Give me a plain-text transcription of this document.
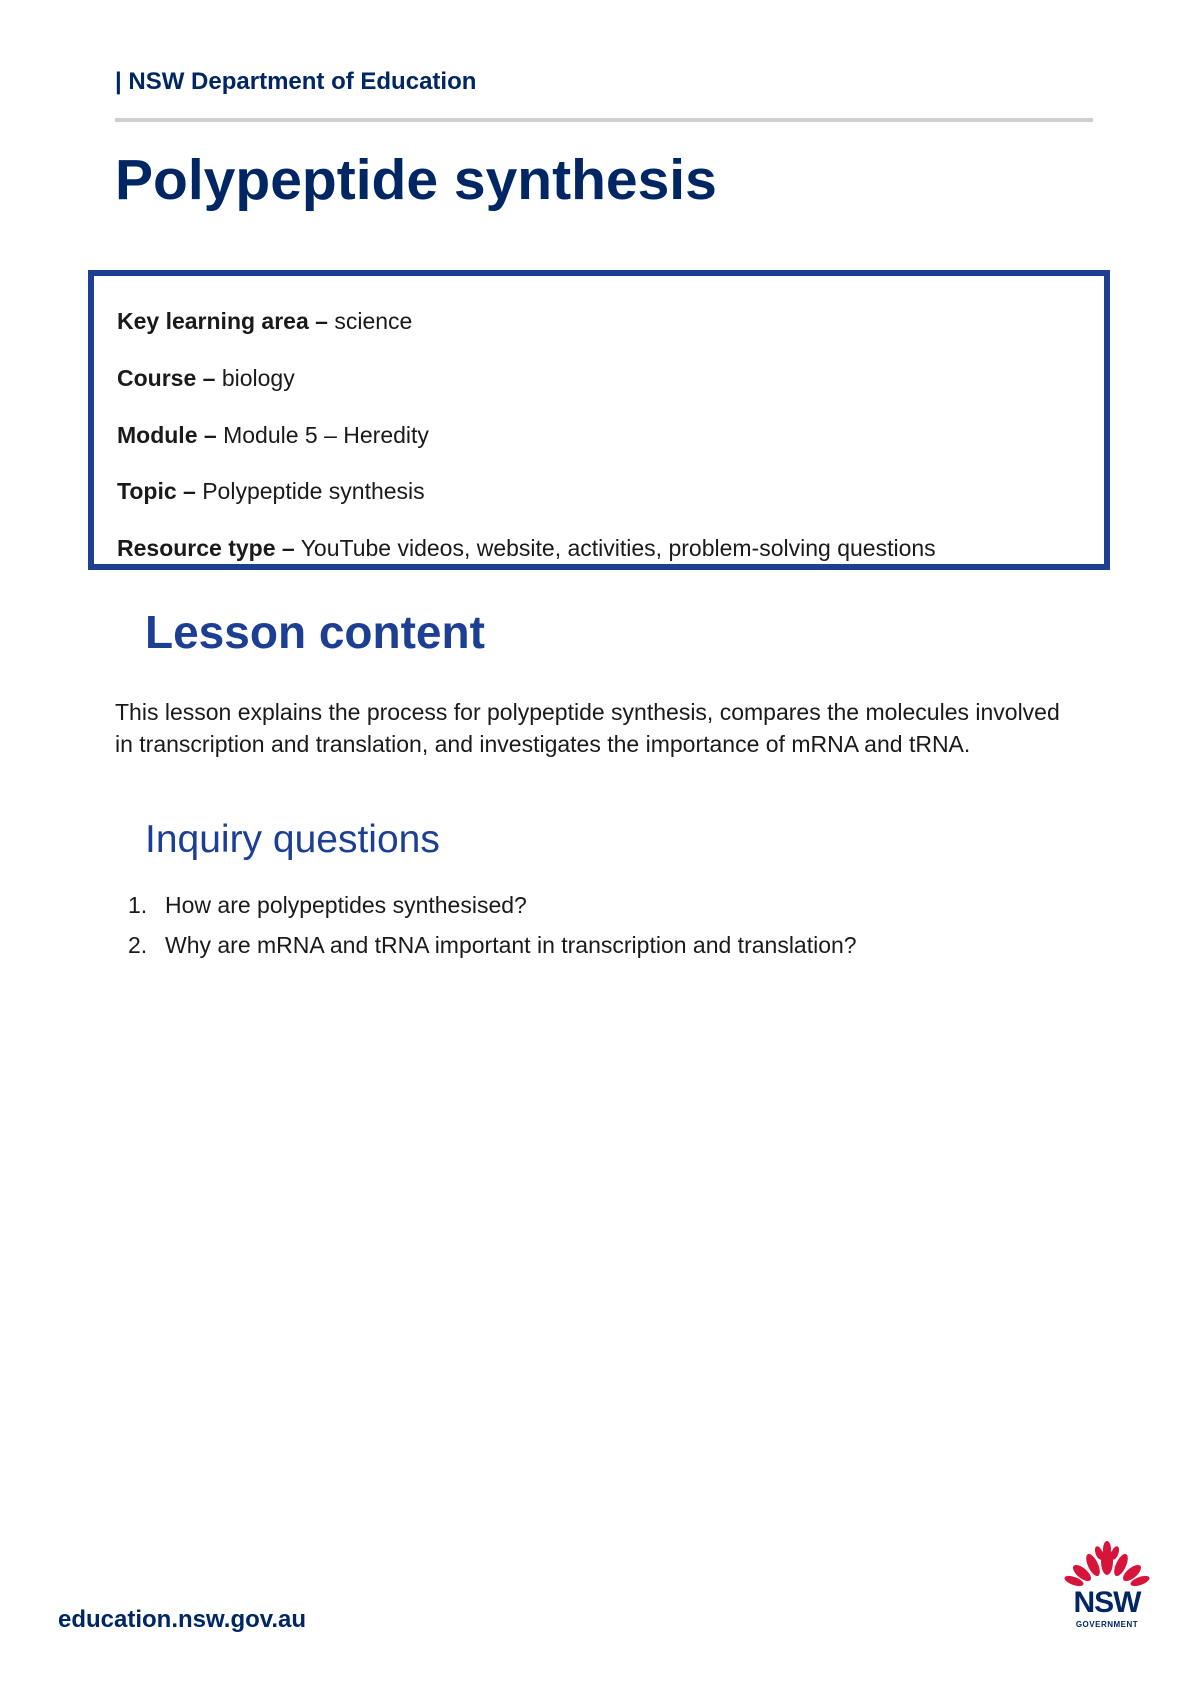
| NSW Department of Education
Polypeptide synthesis
Key learning area – science
Course – biology
Module – Module 5 – Heredity
Topic – Polypeptide synthesis
Resource type – YouTube videos, website, activities, problem-solving questions
Lesson content

This lesson explains the process for polypeptide synthesis, compares the molecules involved in transcription and translation, and investigates the importance of mRNA and tRNA.

Inquiry questions
1. How are polypeptides synthesised?
2. Why are mRNA and tRNA important in transcription and translation?
education.nsw.gov.au
NSW
GOVERNMENT
